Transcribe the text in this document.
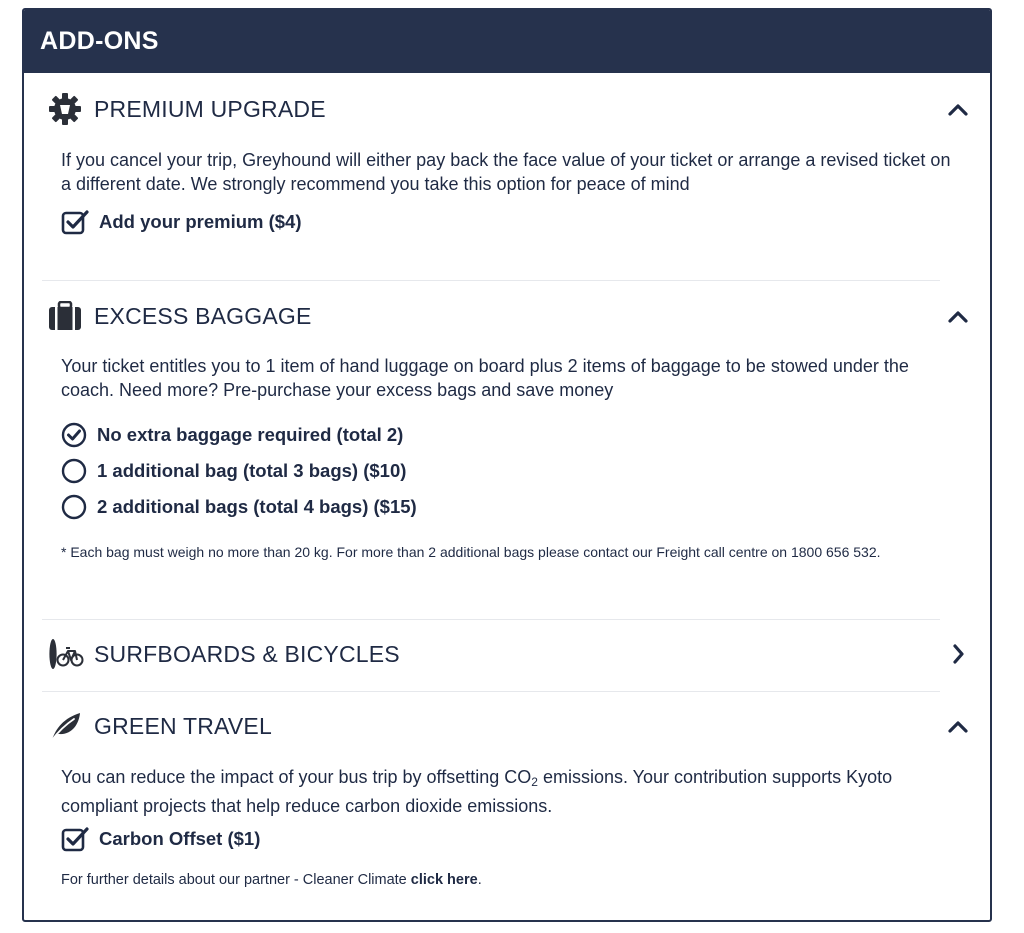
ADD-ONS
PREMIUM UPGRADE
If you cancel your trip, Greyhound will either pay back the face value of your ticket or arrange a revised ticket on a different date. We strongly recommend you take this option for peace of mind
Add your premium ($4)
EXCESS BAGGAGE
Your ticket entitles you to 1 item of hand luggage on board plus 2 items of baggage to be stowed under the coach. Need more? Pre-purchase your excess bags and save money
No extra baggage required (total 2)
1 additional bag (total 3 bags) ($10)
2 additional bags (total 4 bags) ($15)
* Each bag must weigh no more than 20 kg. For more than 2 additional bags please contact our Freight call centre on 1800 656 532.
SURFBOARDS & BICYCLES
GREEN TRAVEL
You can reduce the impact of your bus trip by offsetting $CO_2$ emissions. Your contribution supports Kyoto compliant projects that help reduce carbon dioxide emissions.
Carbon Offset ($1)
For further details about our partner - Cleaner Climate click here.
